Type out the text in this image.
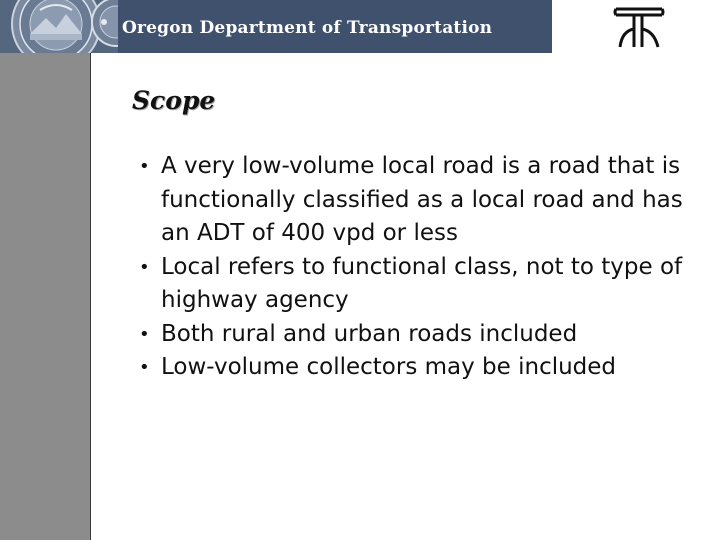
Oregon Department of Transportation
Scope
• A very low-volume local road is a road that is functionally classified as a local road and has an ADT of 400 vpd or less
• Local refers to functional class, not to type of highway agency
• Both rural and urban roads included
• Low-volume collectors may be included
